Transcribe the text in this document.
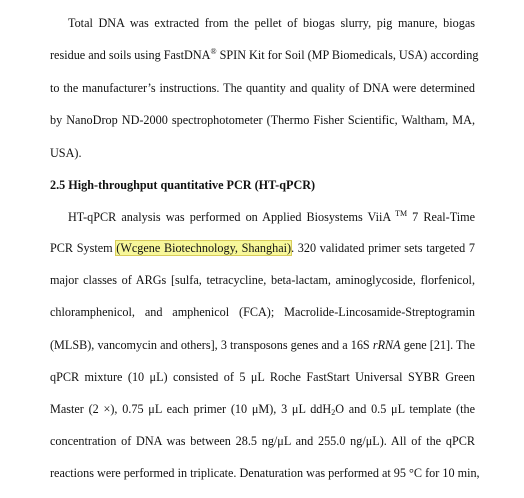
Total DNA was extracted from the pellet of biogas slurry, pig manure, biogas
residue and soils using FastDNA® SPIN Kit for Soil (MP Biomedicals, USA) according
to the manufacturer’s instructions. The quantity and quality of DNA were determined
by NanoDrop ND-2000 spectrophotometer (Thermo Fisher Scientific, Waltham, MA,
USA).
2.5 High-throughput quantitative PCR (HT-qPCR)
HT-qPCR analysis was performed on Applied Biosystems ViiA ™ 7 Real-Time
PCR System (Wcgene Biotechnology, Shanghai). 320 validated primer sets targeted 7
major classes of ARGs [sulfa, tetracycline, beta-lactam, aminoglycoside, florfenicol,
chloramphenicol, and amphenicol (FCA); Macrolide-Lincosamide-Streptogramin
(MLSB), vancomycin and others], 3 transposons genes and a 16S rRNA gene [21]. The
qPCR mixture (10 μL) consisted of 5 μL Roche FastStart Universal SYBR Green
Master (2 ×), 0.75 μL each primer (10 μM), 3 μL ddH$_2$O and 0.5 μL template (the
concentration of DNA was between 28.5 ng/μL and 255.0 ng/μL). All of the qPCR
reactions were performed in triplicate. Denaturation was performed at 95 °C for 10 min,
